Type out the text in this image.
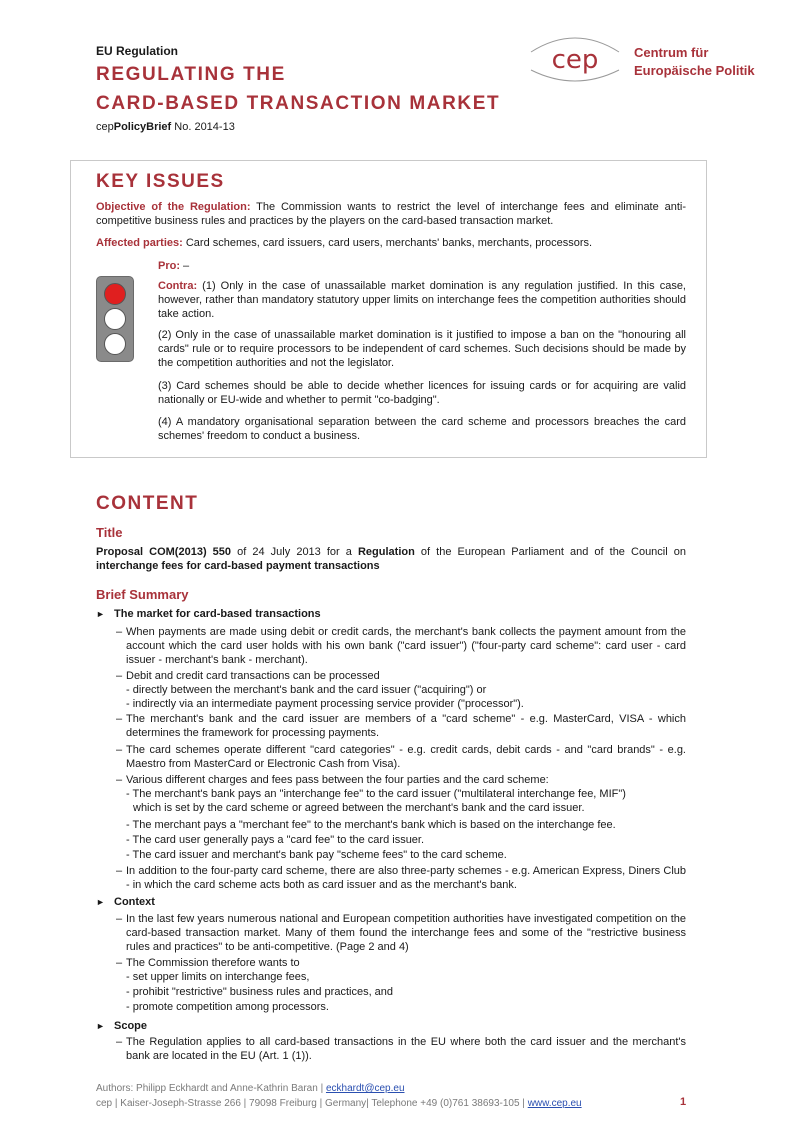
EU Regulation
REGULATING THE
CARD-BASED TRANSACTION MARKET
cepPolicyBrief No. 2014-13
cep	Centrum für
Europäische Politik
KEY ISSUES
Objective of the Regulation: The Commission wants to restrict the level of interchange fees and eliminate anti-competitive business rules and practices by the players on the card-based transaction market.
Affected parties: Card schemes, card issuers, card users, merchants' banks, merchants, processors.
Pro: –
Contra: (1) Only in the case of unassailable market domination is any regulation justified. In this case, however, rather than mandatory statutory upper limits on interchange fees the competition authorities should take action.
(2) Only in the case of unassailable market domination is it justified to impose a ban on the "honouring all cards" rule or to require processors to be independent of card schemes. Such decisions should be made by the competition authorities and not the legislator.
(3) Card schemes should be able to decide whether licences for issuing cards or for acquiring are valid nationally or EU-wide and whether to permit "co-badging".
(4) A mandatory organisational separation between the card scheme and processors breaches the card schemes' freedom to conduct a business.
CONTENT
Title
Proposal COM(2013) 550 of 24 July 2013 for a Regulation of the European Parliament and of the Council on interchange fees for card-based payment transactions
Brief Summary
► The market for card-based transactions
– When payments are made using debit or credit cards, the merchant's bank collects the payment amount from the account which the card user holds with his own bank ("card issuer") ("four-party card scheme": card user - card issuer - merchant's bank - merchant).
– Debit and credit card transactions can be processed
- directly between the merchant's bank and the card issuer ("acquiring") or
- indirectly via an intermediate payment processing service provider ("processor").
– The merchant's bank and the card issuer are members of a "card scheme" - e.g. MasterCard, VISA - which determines the framework for processing payments.
– The card schemes operate different "card categories" - e.g. credit cards, debit cards - and "card brands" - e.g. Maestro from MasterCard or Electronic Cash from Visa).
– Various different charges and fees pass between the four parties and the card scheme:
- The merchant's bank pays an "interchange fee" to the card issuer ("multilateral interchange fee, MIF")
which is set by the card scheme or agreed between the merchant's bank and the card issuer.
- The merchant pays a "merchant fee" to the merchant's bank which is based on the interchange fee.
- The card user generally pays a "card fee" to the card issuer.
- The card issuer and merchant's bank pay "scheme fees" to the card scheme.
– In addition to the four-party card scheme, there are also three-party schemes - e.g. American Express, Diners Club - in which the card scheme acts both as card issuer and as the merchant's bank.
► Context
– In the last few years numerous national and European competition authorities have investigated competition on the card-based transaction market. Many of them found the interchange fees and some of the "restrictive business rules and practices" to be anti-competitive. (Page 2 and 4)
– The Commission therefore wants to
- set upper limits on interchange fees,
- prohibit "restrictive" business rules and practices, and
- promote competition among processors.
► Scope
– The Regulation applies to all card-based transactions in the EU where both the card issuer and the merchant's bank are located in the EU (Art. 1 (1)).
Authors: Philipp Eckhardt and Anne-Kathrin Baran | eckhardt@cep.eu
cep | Kaiser-Joseph-Strasse 266 | 79098 Freiburg | Germany| Telephone +49 (0)761 38693-105 | www.cep.eu	1
